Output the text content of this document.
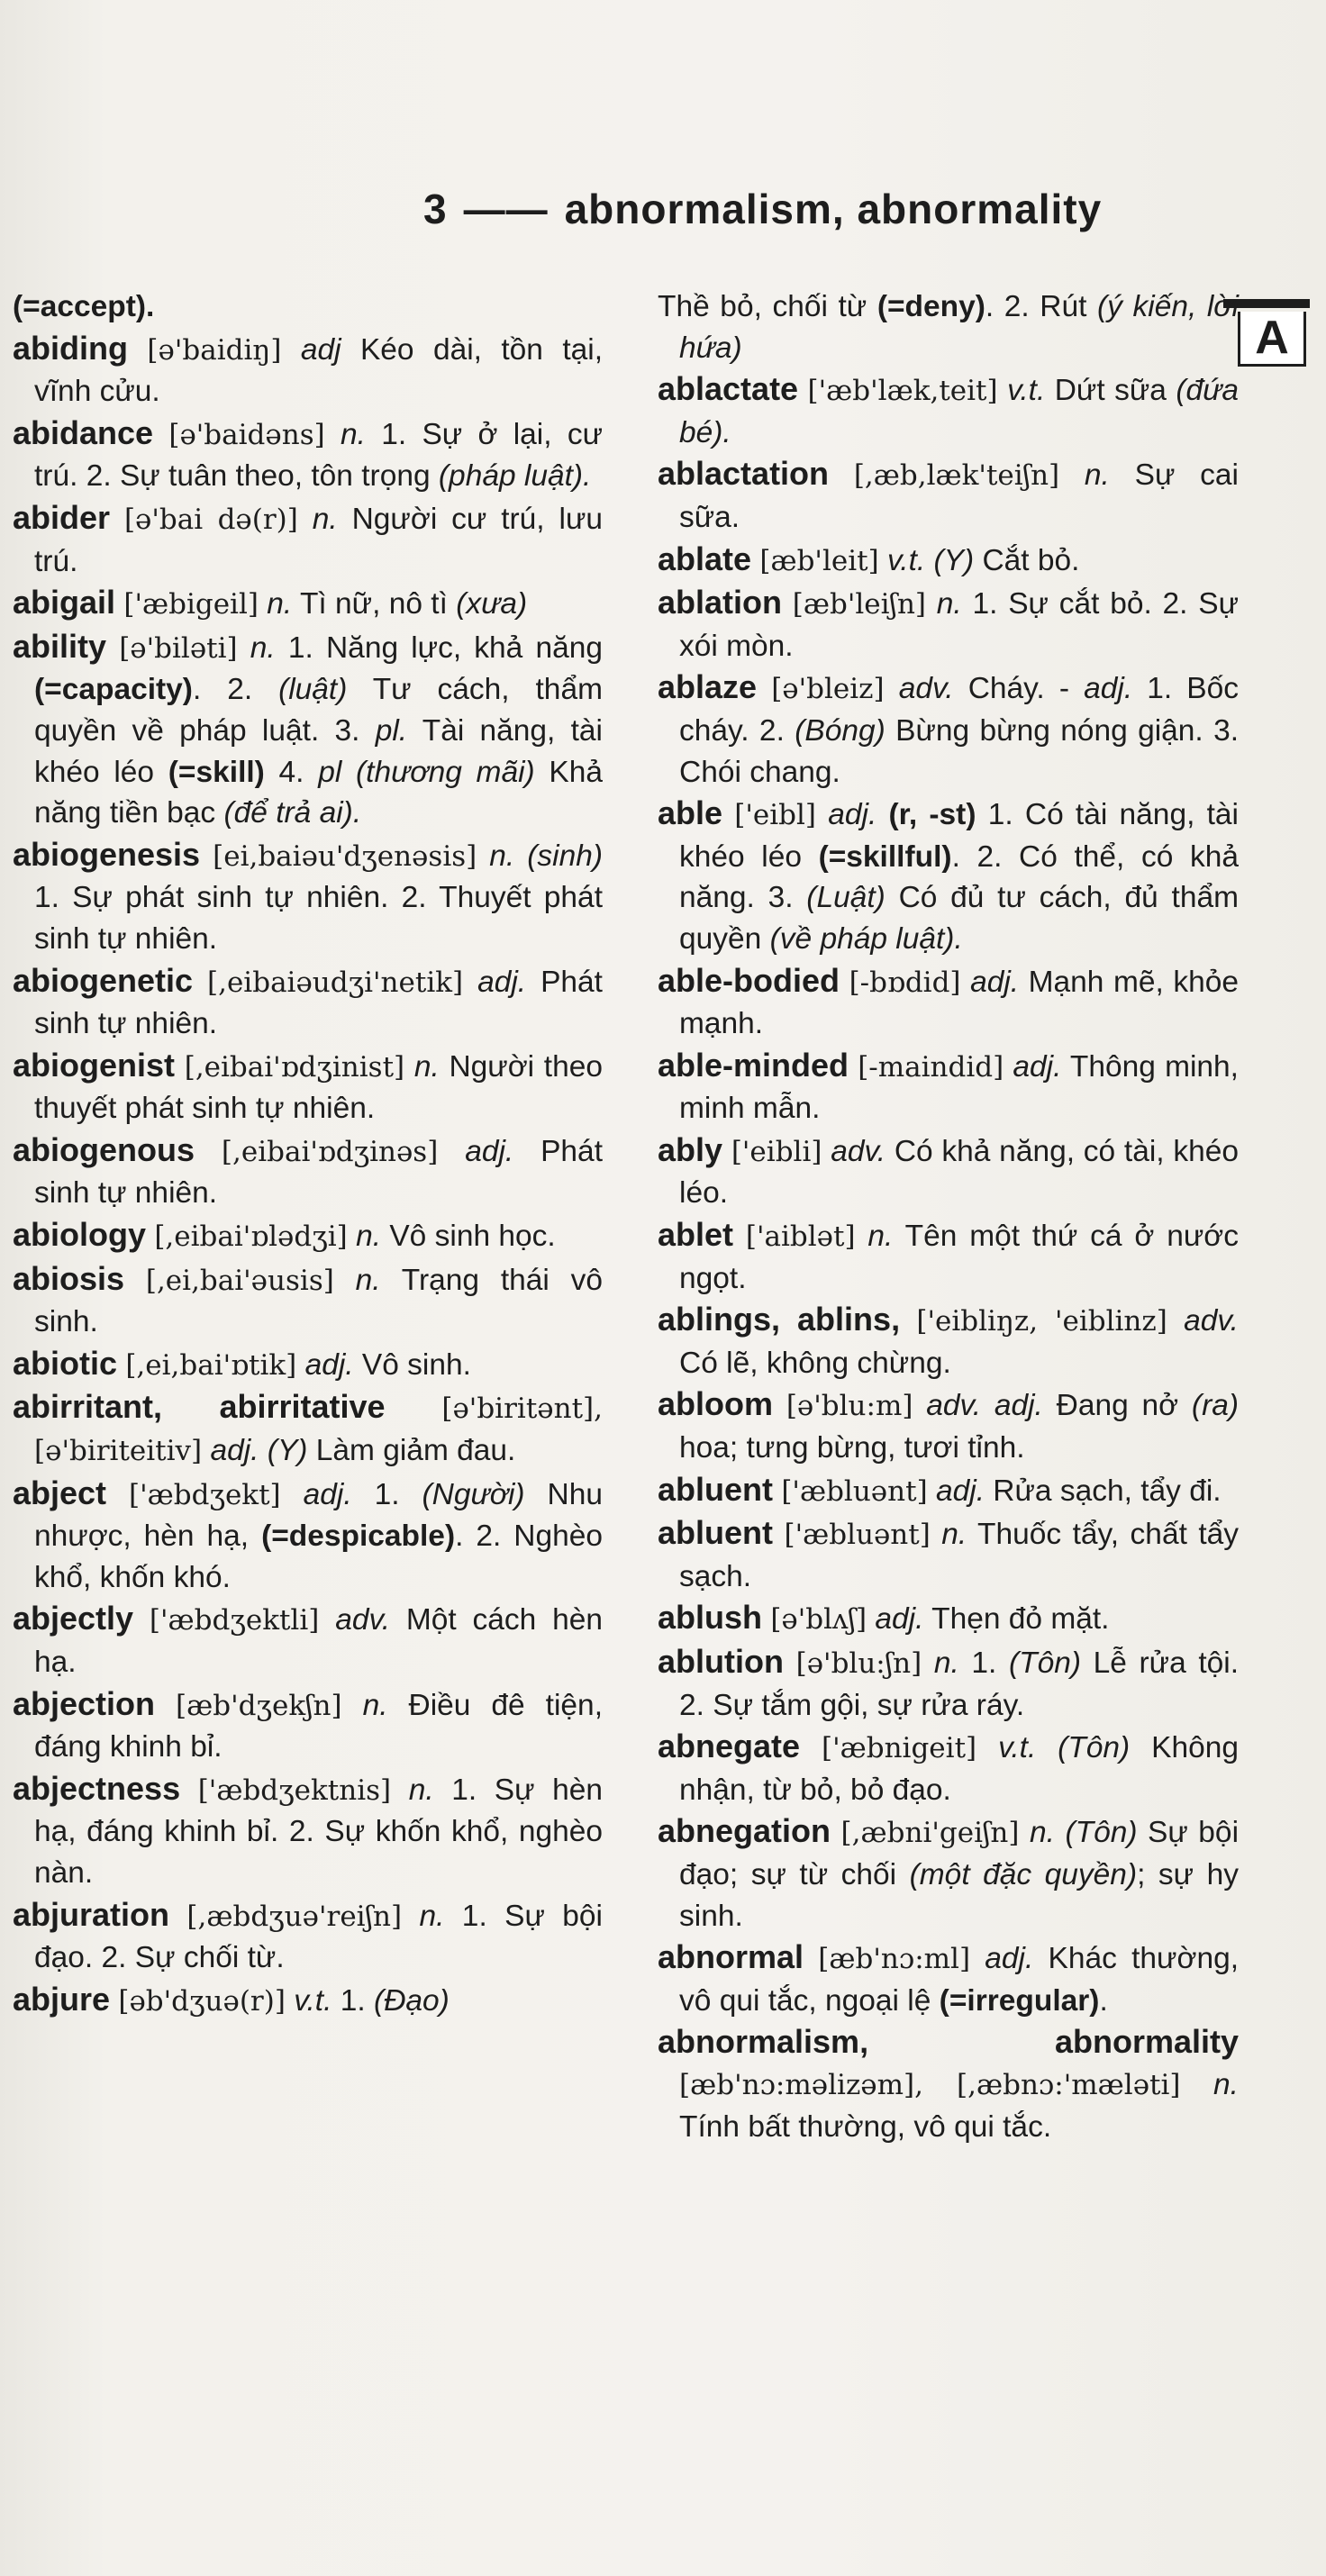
3 —— abnormalism, abnormality
A

(=accept).

abiding [ə'baidiŋ] adj Kéo dài, tồn tại, vĩnh cửu.

abidance [ə'baidəns] n. 1. Sự ở lại, cư trú. 2. Sự tuân theo, tôn trọng (pháp luật).

abider [ə'bai də(r)] n. Người cư trú, lưu trú.

abigail ['æbigeil] n. Tì nữ, nô tì (xưa)

ability [ə'biləti] n. 1. Năng lực, khả năng (=capacity). 2. (luật) Tư cách, thẩm quyền về pháp luật. 3. pl. Tài năng, tài khéo léo (=skill) 4. pl (thương mãi) Khả năng tiền bạc (để trả ai).

abiogenesis [ei,baiəu'dʒenəsis] n. (sinh) 1. Sự phát sinh tự nhiên. 2. Thuyết phát sinh tự nhiên.

abiogenetic [,eibaiəudʒi'netik] adj. Phát sinh tự nhiên.

abiogenist [,eibai'ɒdʒinist] n. Người theo thuyết phát sinh tự nhiên.

abiogenous [,eibai'ɒdʒinəs] adj. Phát sinh tự nhiên.

abiology [,eibai'ɒlədʒi] n. Vô sinh học.

abiosis [,ei,bai'əusis] n. Trạng thái vô sinh.

abiotic [,ei,bai'ɒtik] adj. Vô sinh.

abirritant, abirritative [ə'biritənt],[ə'biriteitiv] adj. (Y) Làm giảm đau.

abject ['æbdʒekt] adj. 1. (Người) Nhu nhược, hèn hạ, (=despicable). 2. Nghèo khổ, khốn khó.

abjectly ['æbdʒektli] adv. Một cách hèn hạ.

abjection [æb'dʒekʃn] n. Điều đê tiện, đáng khinh bỉ.

abjectness ['æbdʒektnis] n. 1. Sự hèn hạ, đáng khinh bỉ. 2. Sự khốn khổ, nghèo nàn.

abjuration [,æbdʒuə'reiʃn] n. 1. Sự bội đạo. 2. Sự chối từ.

abjure [əb'dʒuə(r)] v.t. 1. (Đạo)

Thề bỏ, chối từ (=deny). 2. Rút (ý kiến, lời hứa)

ablactate ['æb'læk,teit] v.t. Dứt sữa (đứa bé).

ablactation [,æb,læk'teiʃn] n. Sự cai sữa.

ablate [æb'leit] v.t. (Y) Cắt bỏ.

ablation [æb'leiʃn] n. 1. Sự cắt bỏ. 2. Sự xói mòn.

ablaze [ə'bleiz] adv. Cháy. - adj. 1. Bốc cháy. 2. (Bóng) Bừng bừng nóng giận. 3. Chói chang.

able ['eibl] adj. (r, -st) 1. Có tài năng, tài khéo léo (=skillful). 2. Có thể, có khả năng. 3. (Luật) Có đủ tư cách, đủ thẩm quyền (về pháp luật).

able-bodied [-bɒdid] adj. Mạnh mẽ, khỏe mạnh.

able-minded [-maindid] adj. Thông minh, minh mẫn.

ably ['eibli] adv. Có khả năng, có tài, khéo léo.

ablet ['aiblət] n. Tên một thứ cá ở nước ngọt.

ablings, ablins, ['eibliŋz, 'eiblinz] adv. Có lẽ, không chừng.

abloom [ə'blu:m] adv. adj. Đang nở (ra) hoa; tưng bừng, tươi tỉnh.

abluent ['æbluənt] adj. Rửa sạch, tẩy đi.

abluent ['æbluənt] n. Thuốc tẩy, chất tẩy sạch.

ablush [ə'blʌʃ] adj. Thẹn đỏ mặt.

ablution [ə'blu:ʃn] n. 1. (Tôn) Lễ rửa tội. 2. Sự tắm gội, sự rửa ráy.

abnegate ['æbnigeit] v.t. (Tôn) Không nhận, từ bỏ, bỏ đạo.

abnegation [,æbni'geiʃn] n. (Tôn) Sự bội đạo; sự từ chối (một đặc quyền); sự hy sinh.

abnormal [æb'nɔ:ml] adj. Khác thường, vô qui tắc, ngoại lệ (=irregular).

abnormalism, abnormality [æb'nɔ:məlizəm], [,æbnɔ:'mæləti] n. Tính bất thường, vô qui tắc.
